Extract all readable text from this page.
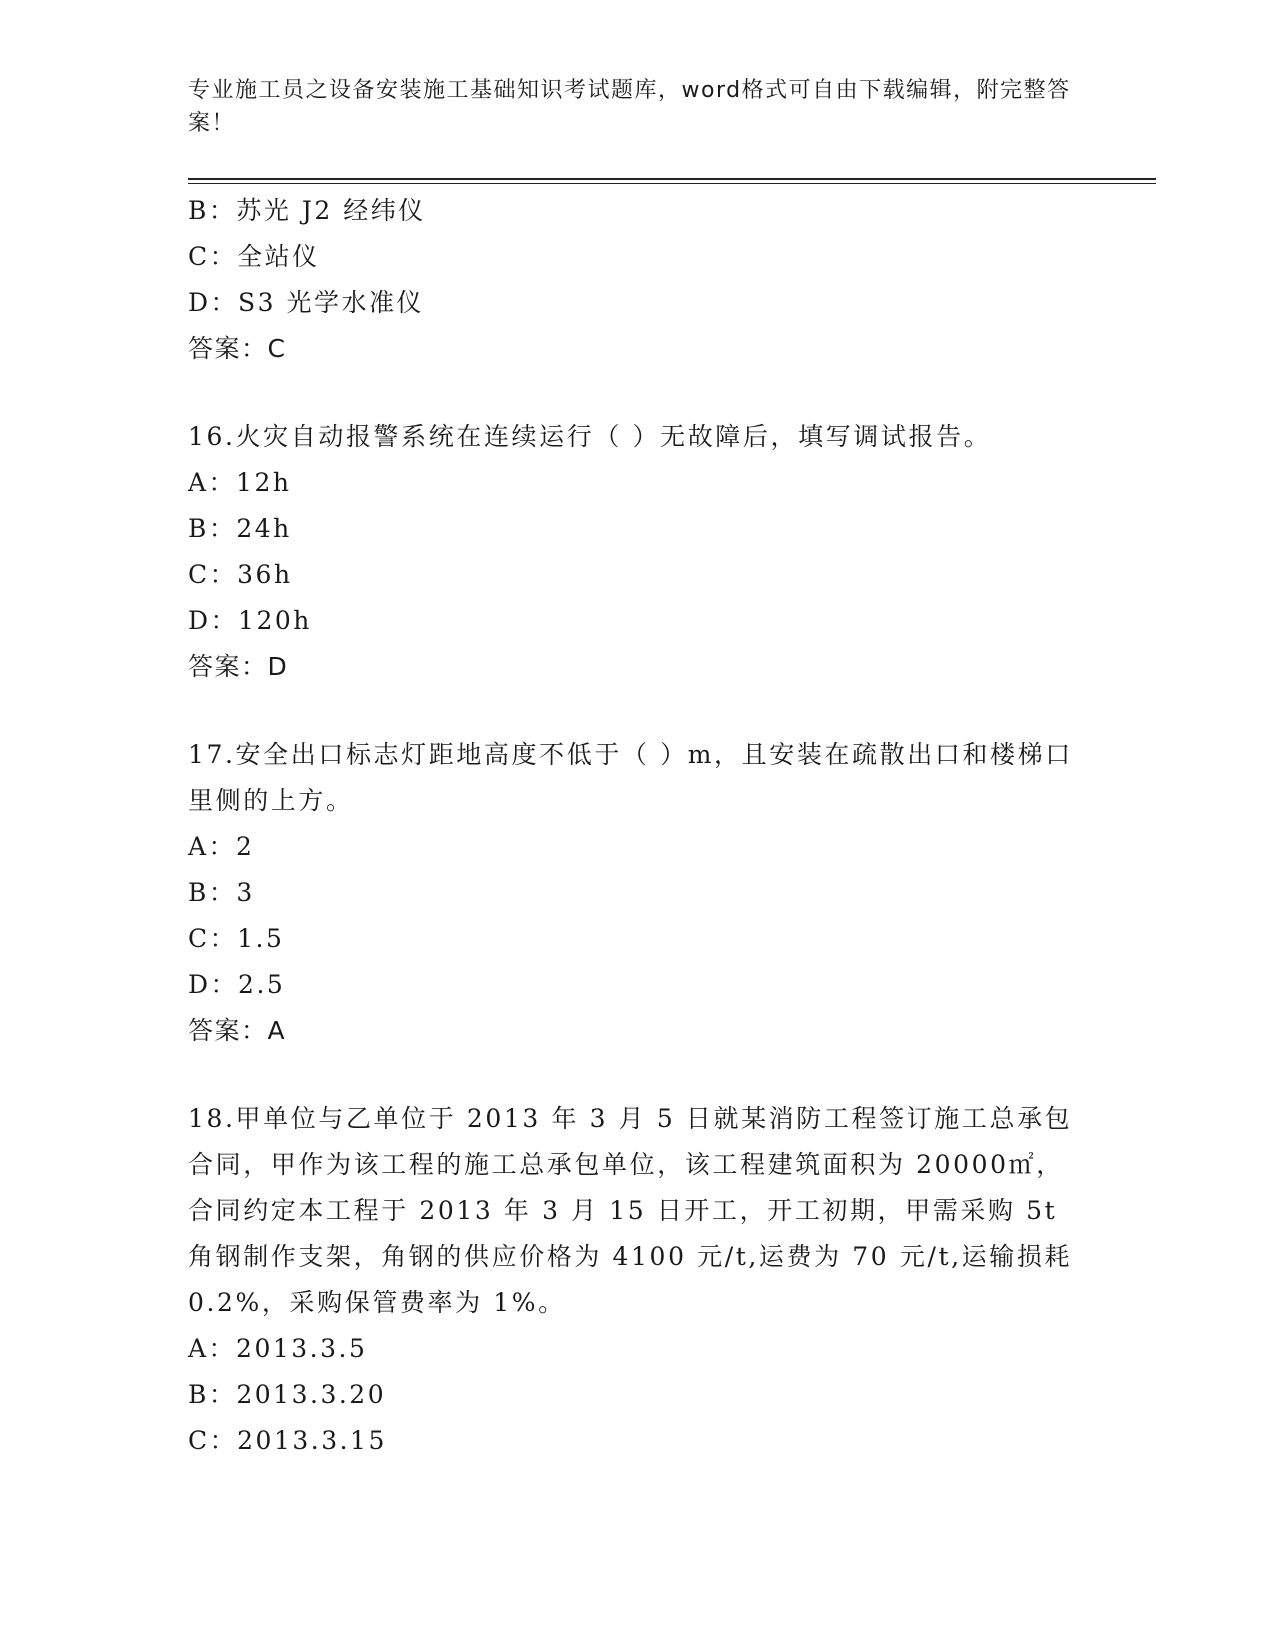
专业施工员之设备安装施工基础知识考试题库，word格式可自由下载编辑，附完整答案！
B：苏光 J2 经纬仪
C：全站仪
D：S3 光学水准仪
答案：C
16.火灾自动报警系统在连续运行（ ）无故障后，填写调试报告。
A：12h
B：24h
C：36h
D：120h
答案：D
17.安全出口标志灯距地高度不低于（ ）m，且安装在疏散出口和楼梯口里侧的上方。
A：2
B：3
C：1.5
D：2.5
答案：A
18.甲单位与乙单位于 2013 年 3 月 5 日就某消防工程签订施工总承包合同，甲作为该工程的施工总承包单位，该工程建筑面积为 20000㎡，合同约定本工程于 2013 年 3 月 15 日开工，开工初期，甲需采购 5t 角钢制作支架，角钢的供应价格为 4100 元/t,运费为 70 元/t,运输损耗 0.2%，采购保管费率为 1%。
A：2013.3.5
B：2013.3.20
C：2013.3.15
